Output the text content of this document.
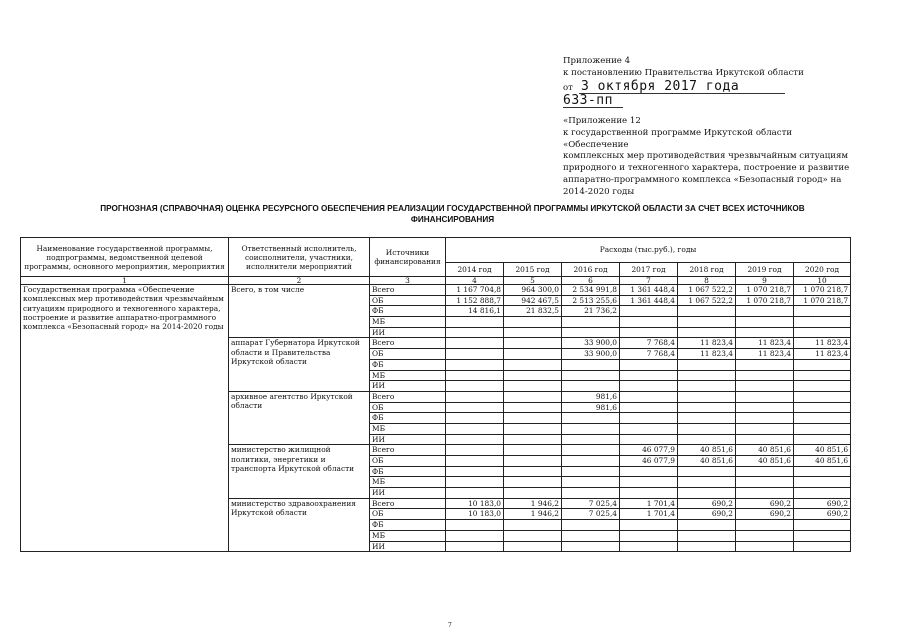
Приложение 4
к постановлению Правительства Иркутской области
от 3 октября 2017 года
633-пп
«Приложение 12
к государственной программе Иркутской области «Обеспечение
комплексных мер противодействия чрезвычайным ситуациям
природного и техногенного характера, построение и развитие
аппаратно-программного комплекса «Безопасный город» на
2014-2020 годы
ПРОГНОЗНАЯ (СПРАВОЧНАЯ) ОЦЕНКА РЕСУРСНОГО ОБЕСПЕЧЕНИЯ РЕАЛИЗАЦИИ ГОСУДАРСТВЕННОЙ ПРОГРАММЫ ИРКУТСКОЙ ОБЛАСТИ ЗА СЧЕТ ВСЕХ ИСТОЧНИКОВ
ФИНАНСИРОВАНИЯ
Наименование государственной программы, подпрограммы, ведомственной целевой программы, основного мероприятия, мероприятия	Ответственный исполнитель, соисполнители, участники, исполнители мероприятий	Источники финансирования	Расходы (тыс.руб.), годы						
			2014 год	2015 год	2016 год	2017 год	2018 год	2019 год	2020 год
1	2	3	4	5	6	7	8	9	10
Государственная программа «Обеспечение комплексных мер противодействия чрезвычайным ситуациям природного и техногенного характера, построение и развитие аппаратно-программного комплекса «Безопасный город» на 2014-2020 годы	Всего, в том числе	Всего	1 167 704,8	964 300,0	2 534 991,8	1 361 448,4	1 067 522,2	1 070 218,7	1 070 218,7
		ОБ	1 152 888,7	942 467,5	2 513 255,6	1 361 448,4	1 067 522,2	1 070 218,7	1 070 218,7
		ФБ	14 816,1	21 832,5	21 736,2				
		МБ							
		ИИ							
	аппарат Губернатора Иркутской области и Правительства Иркутской области	Всего			33 900,0	7 768,4	11 823,4	11 823,4	11 823,4
		ОБ			33 900,0	7 768,4	11 823,4	11 823,4	11 823,4
		ФБ							
		МБ							
		ИИ							
	архивное агентство Иркутской области	Всего			981,6				
		ОБ			981,6				
		ФБ							
		МБ							
		ИИ							
	министерство жилищной политики, энергетики и транспорта Иркутской области	Всего				46 077,9	40 851,6	40 851,6	40 851,6
		ОБ				46 077,9	40 851,6	40 851,6	40 851,6
		ФБ							
		МБ							
		ИИ							
	министерство здравоохранения Иркутской области	Всего	10 183,0	1 946,2	7 025,4	1 701,4	690,2	690,2	690,2
		ОБ	10 183,0	1 946,2	7 025,4	1 701,4	690,2	690,2	690,2
		ФБ							
		МБ							
		ИИ							
7
